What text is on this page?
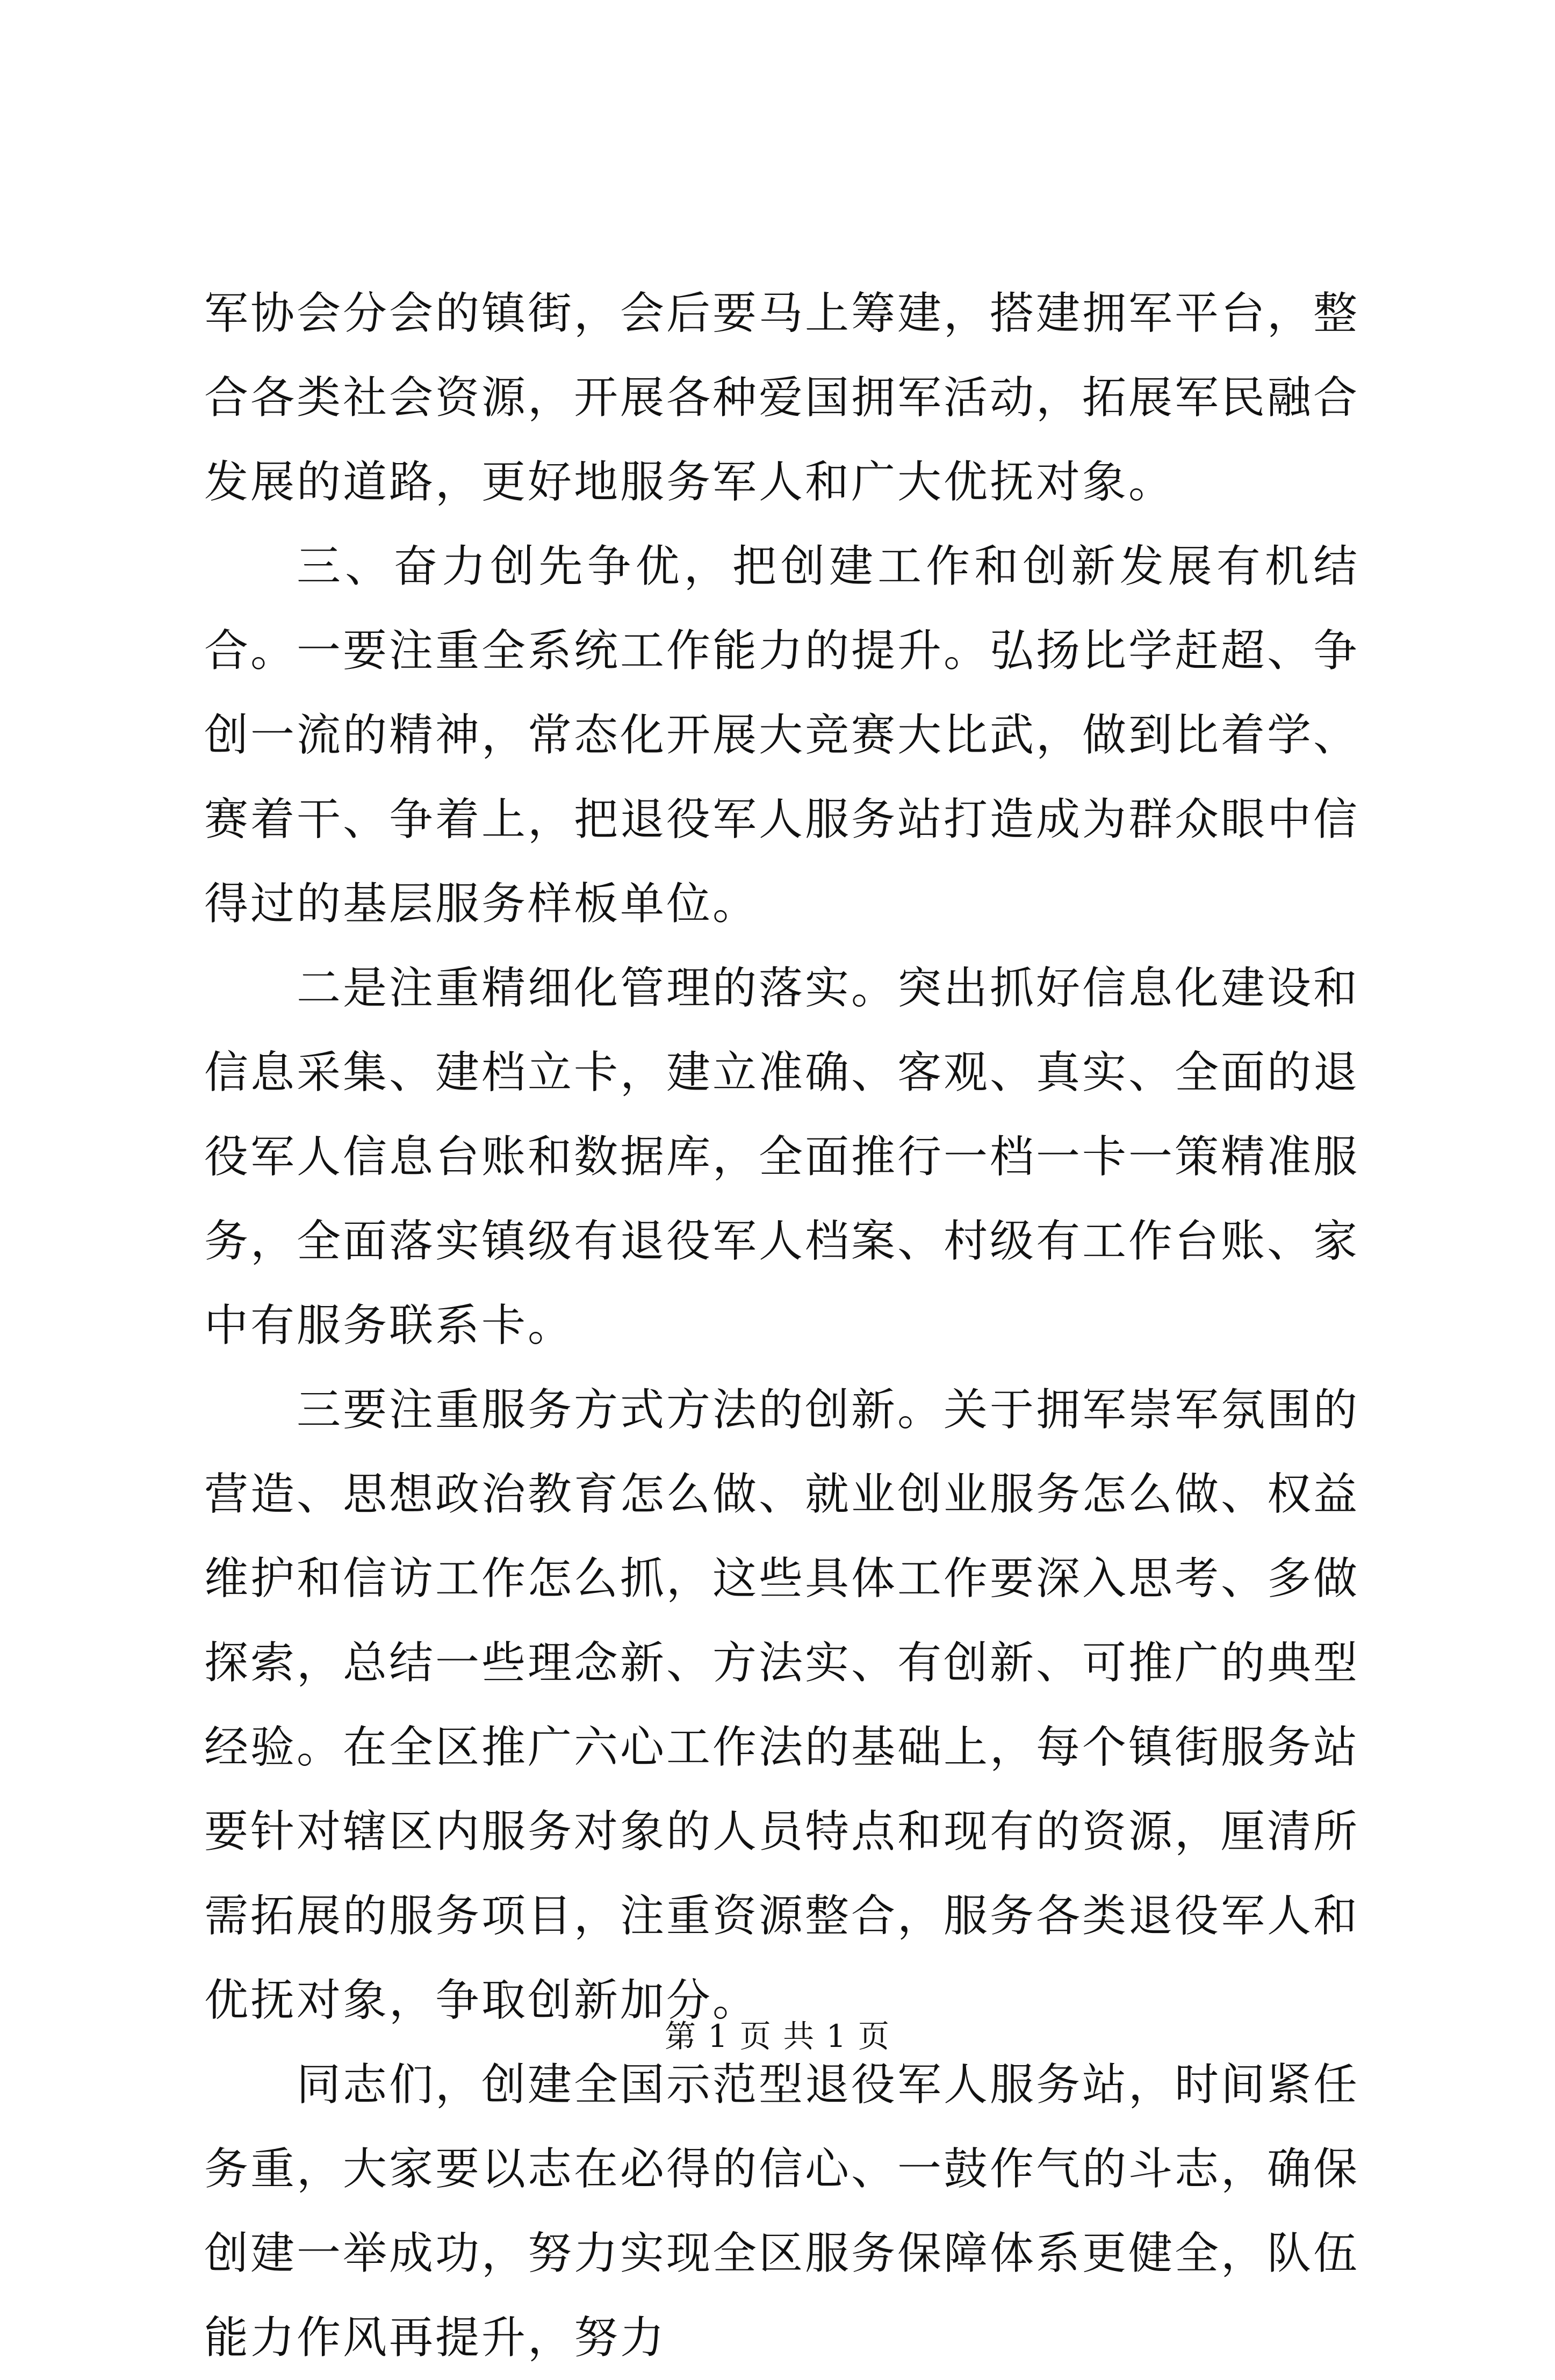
军协会分会的镇街，会后要马上筹建，搭建拥军平台，整合各类社会资源，开展各种爱国拥军活动，拓展军民融合发展的道路，更好地服务军人和广大优抚对象。

三、奋力创先争优，把创建工作和创新发展有机结合。一要注重全系统工作能力的提升。弘扬比学赶超、争创一流的精神，常态化开展大竞赛大比武，做到比着学、赛着干、争着上，把退役军人服务站打造成为群众眼中信得过的基层服务样板单位。

二是注重精细化管理的落实。突出抓好信息化建设和信息采集、建档立卡，建立准确、客观、真实、全面的退役军人信息台账和数据库，全面推行一档一卡一策精准服务，全面落实镇级有退役军人档案、村级有工作台账、家中有服务联系卡。

三要注重服务方式方法的创新。关于拥军崇军氛围的营造、思想政治教育怎么做、就业创业服务怎么做、权益维护和信访工作怎么抓，这些具体工作要深入思考、多做探索，总结一些理念新、方法实、有创新、可推广的典型经验。在全区推广六心工作法的基础上，每个镇街服务站要针对辖区内服务对象的人员特点和现有的资源，厘清所需拓展的服务项目，注重资源整合，服务各类退役军人和优抚对象，争取创新加分。

同志们，创建全国示范型退役军人服务站，时间紧任务重，大家要以志在必得的信心、一鼓作气的斗志，确保创建一举成功，努力实现全区服务保障体系更健全，队伍能力作风再提升，努力

第 1 页 共 1 页
